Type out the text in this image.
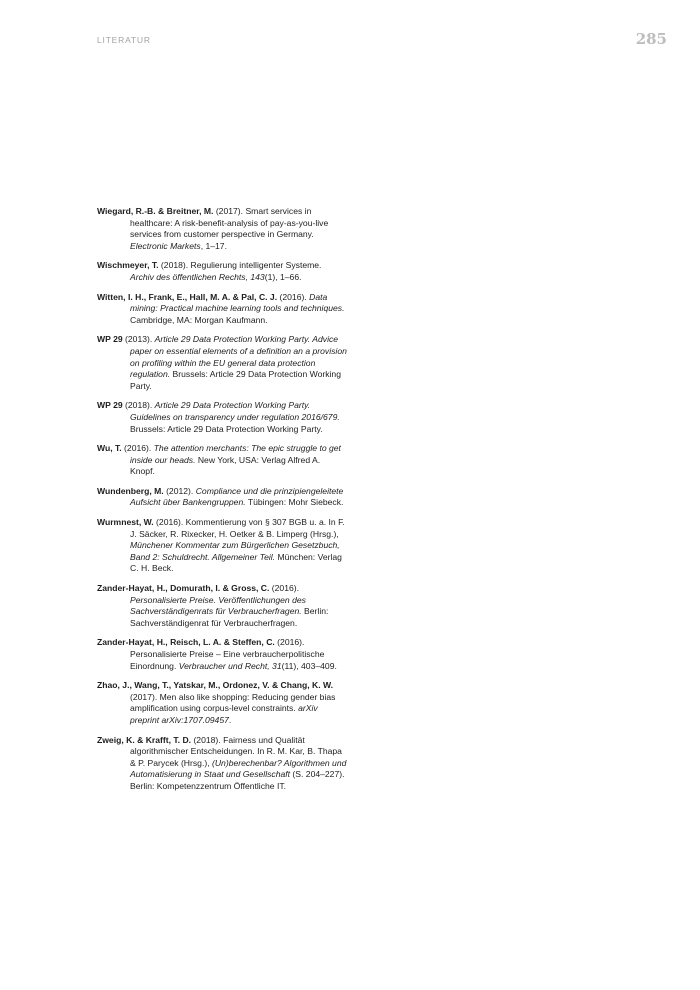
LITERATUR	285

Wiegard, R.-B. & Breitner, M. (2017). Smart services in healthcare: A risk-benefit-analysis of pay-as-you-live services from customer perspective in Germany. Electronic Markets, 1–17.

Wischmeyer, T. (2018). Regulierung intelligenter Systeme. Archiv des öffentlichen Rechts, 143(1), 1–66.

Witten, I. H., Frank, E., Hall, M. A. & Pal, C. J. (2016). Data mining: Practical machine learning tools and techniques. Cambridge, MA: Morgan Kaufmann.

WP 29 (2013). Article 29 Data Protection Working Party. Advice paper on essential elements of a definition an a provision on profiling within the EU general data protection regulation. Brussels: Article 29 Data Protection Working Party.

WP 29 (2018). Article 29 Data Protection Working Party. Guidelines on transparency under regulation 2016/679. Brussels: Article 29 Data Protection Working Party.

Wu, T. (2016). The attention merchants: The epic struggle to get inside our heads. New York, USA: Verlag Alfred A. Knopf.

Wundenberg, M. (2012). Compliance und die prinzipiengeleitete Aufsicht über Bankengruppen. Tübingen: Mohr Siebeck.

Wurmnest, W. (2016). Kommentierung von § 307 BGB u. a. In F. J. Säcker, R. Rixecker, H. Oetker & B. Limperg (Hrsg.), Münchener Kommentar zum Bürgerlichen Gesetzbuch, Band 2: Schuldrecht. Allgemeiner Teil. München: Verlag C. H. Beck.

Zander-Hayat, H., Domurath, I. & Gross, C. (2016). Personalisierte Preise. Veröffentlichungen des Sachverständigenrats für Verbraucherfragen. Berlin: Sachverständigenrat für Verbraucherfragen.

Zander-Hayat, H., Reisch, L. A. & Steffen, C. (2016). Personalisierte Preise – Eine verbraucherpolitische Einordnung. Verbraucher und Recht, 31(11), 403–409.

Zhao, J., Wang, T., Yatskar, M., Ordonez, V. & Chang, K. W. (2017). Men also like shopping: Reducing gender bias amplification using corpus-level constraints. arXiv preprint arXiv:1707.09457.

Zweig, K. & Krafft, T. D. (2018). Fairness und Qualität algorithmischer Entscheidungen. In R. M. Kar, B. Thapa & P. Parycek (Hrsg.), (Un)berechenbar? Algorithmen und Automatisierung in Staat und Gesellschaft (S. 204–227). Berlin: Kompetenzzentrum Öffentliche IT.
